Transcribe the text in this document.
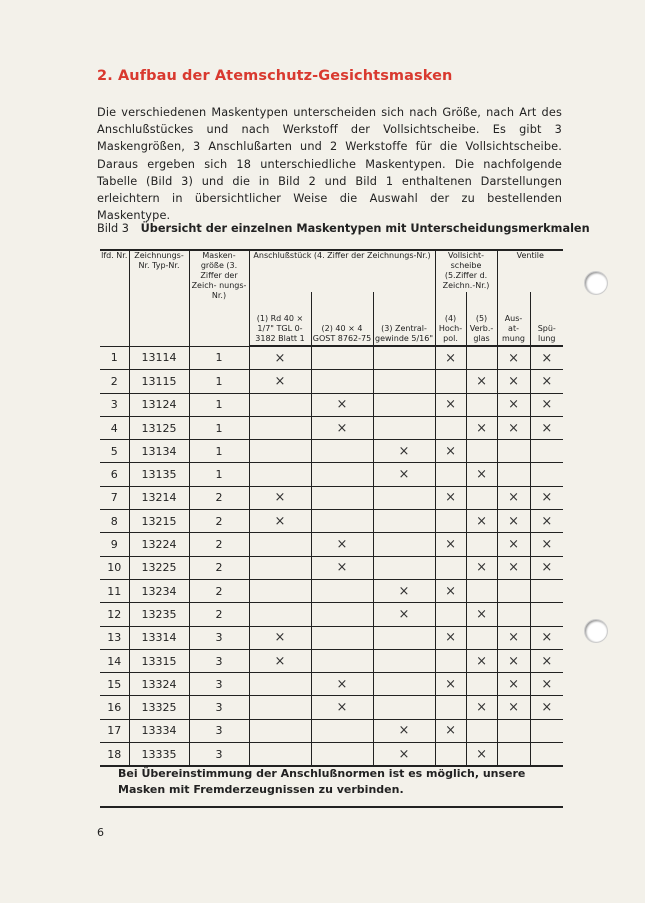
2. Aufbau der Atemschutz-Gesichtsmasken
Die verschiedenen Maskentypen unterscheiden sich nach Größe, nach Art des Anschlußstückes und nach Werkstoff der Vollsichtscheibe. Es gibt 3 Maskengrößen, 3 Anschlußarten und 2 Werkstoffe für die Vollsichtscheibe. Daraus ergeben sich 18 unterschiedliche Maskentypen. Die nachfolgende Tabelle (Bild 3) und die in Bild 2 und Bild 1 enthaltenen Darstellungen erleichtern in übersichtlicher Weise die Auswahl der zu bestellenden Maskentype.
Bild 3 Übersicht der einzelnen Maskentypen mit Unterscheidungsmerkmalen
lfd. Nr.	Zeichnungs- Nr. Typ-Nr.	Masken- größe (3. Ziffer der Zeich- nungs-Nr.)	Anschlußstück (4. Ziffer der Zeichnungs-Nr.)			Vollsicht- scheibe (5.Ziffer d. Zeichn.-Nr.)		Ventile	
			(1) Rd 40 × 1/7" TGL 0-3182 Blatt 1	(2) 40 × 4 GOST 8762-75	(3) Zentral- gewinde 5/16"	(4) Hoch- pol.	(5) Verb.- glas	Aus- at- mung	Spü- lung
1	13114	1	×			×		×	×
2	13115	1	×				×	×	×
3	13124	1		×		×		×	×
4	13125	1		×			×	×	×
5	13134	1			×	×			
6	13135	1			×		×		
7	13214	2	×			×		×	×
8	13215	2	×				×	×	×
9	13224	2		×		×		×	×
10	13225	2		×			×	×	×
11	13234	2			×	×			
12	13235	2			×		×		
13	13314	3	×			×		×	×
14	13315	3	×				×	×	×
15	13324	3		×		×		×	×
16	13325	3		×			×	×	×
17	13334	3			×	×			
18	13335	3			×		×		
Bei Übereinstimmung der Anschlußnormen ist es möglich, unsere Masken mit Fremderzeugnissen zu verbinden.
6
